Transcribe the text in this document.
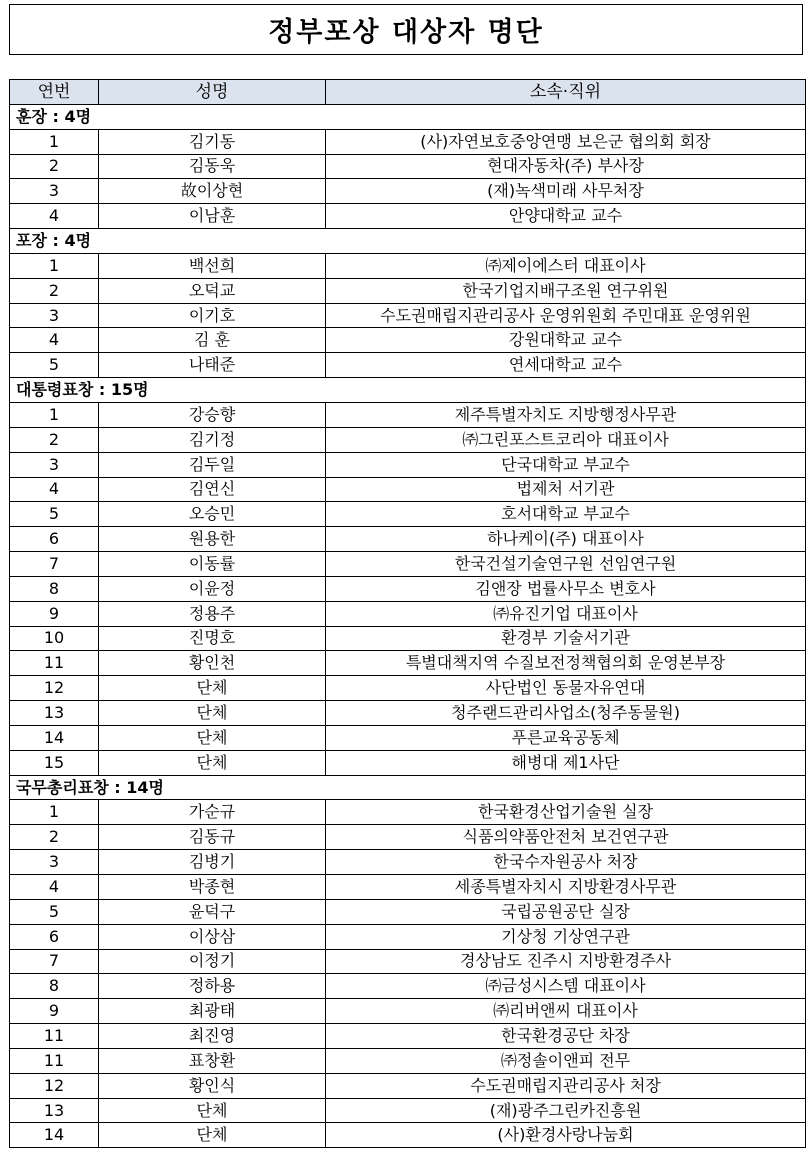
정부포상 대상자 명단
연번	성명	소속·직위
훈장 : 4명		
1	김기동	(사)자연보호중앙연맹 보은군 협의회 회장
2	김동욱	현대자동차(주) 부사장
3	故이상현	(재)녹색미래 사무처장
4	이남훈	안양대학교 교수
포장 : 4명		
1	백선희	㈜제이에스터 대표이사
2	오덕교	한국기업지배구조원 연구위원
3	이기호	수도권매립지관리공사 운영위원회 주민대표 운영위원
4	김 훈	강원대학교 교수
5	나태준	연세대학교 교수
대통령표창 : 15명		
1	강승향	제주특별자치도 지방행정사무관
2	김기정	㈜그린포스트코리아 대표이사
3	김두일	단국대학교 부교수
4	김연신	법제처 서기관
5	오승민	호서대학교 부교수
6	원용한	하나케이(주) 대표이사
7	이동률	한국건설기술연구원 선임연구원
8	이윤정	김앤장 법률사무소 변호사
9	정용주	㈜유진기업 대표이사
10	진명호	환경부 기술서기관
11	황인천	특별대책지역 수질보전정책협의회 운영본부장
12	단체	사단법인 동물자유연대
13	단체	청주랜드관리사업소(청주동물원)
14	단체	푸른교육공동체
15	단체	해병대 제1사단
국무총리표창 : 14명		
1	가순규	한국환경산업기술원 실장
2	김동규	식품의약품안전처 보건연구관
3	김병기	한국수자원공사 처장
4	박종현	세종특별자치시 지방환경사무관
5	윤덕구	국립공원공단 실장
6	이상삼	기상청 기상연구관
7	이정기	경상남도 진주시 지방환경주사
8	정하용	㈜금성시스템 대표이사
9	최광태	㈜리버앤씨 대표이사
11	최진영	한국환경공단 차장
11	표창환	㈜정솔이앤피 전무
12	황인식	수도권매립지관리공사 처장
13	단체	(재)광주그린카진흥원
14	단체	(사)환경사랑나눔회
